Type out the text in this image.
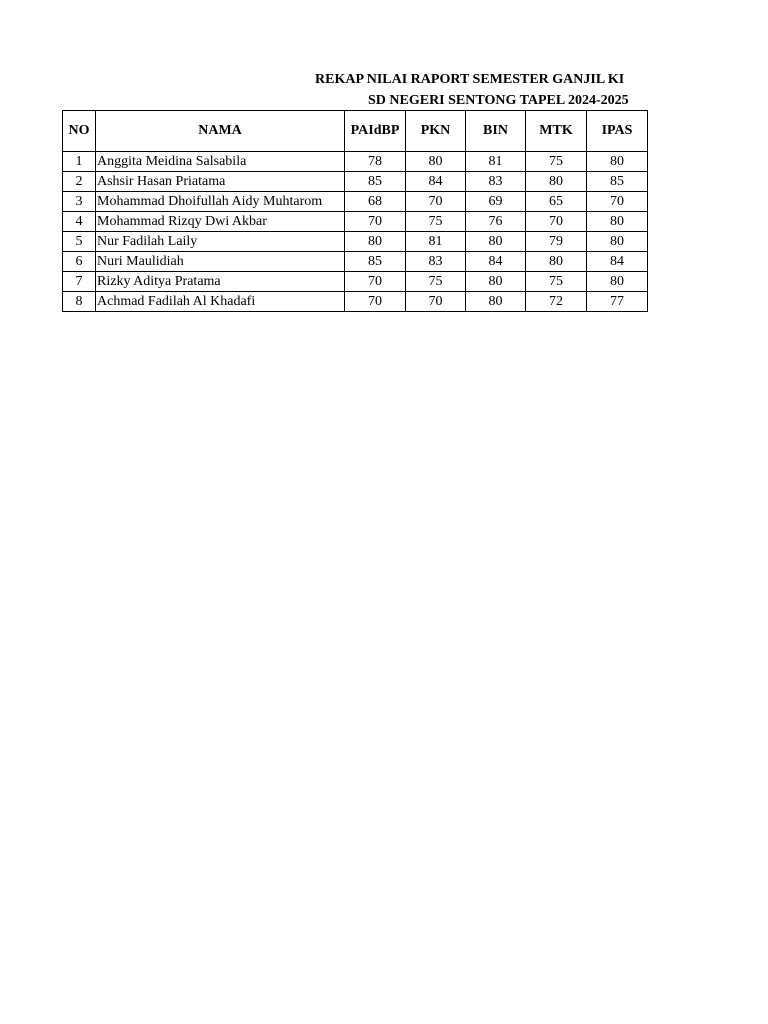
REKAP NILAI RAPORT SEMESTER GANJIL KI
SD NEGERI SENTONG TAPEL 2024-2025
NO	NAMA	PAIdBP	PKN	BIN	MTK	IPAS
1	Anggita Meidina Salsabila	78	80	81	75	80
2	Ashsir Hasan Priatama	85	84	83	80	85
3	Mohammad Dhoifullah Aidy Muhtarom	68	70	69	65	70
4	Mohammad Rizqy Dwi Akbar	70	75	76	70	80
5	Nur Fadilah Laily	80	81	80	79	80
6	Nuri Maulidiah	85	83	84	80	84
7	Rizky Aditya Pratama	70	75	80	75	80
8	Achmad Fadilah Al Khadafi	70	70	80	72	77
